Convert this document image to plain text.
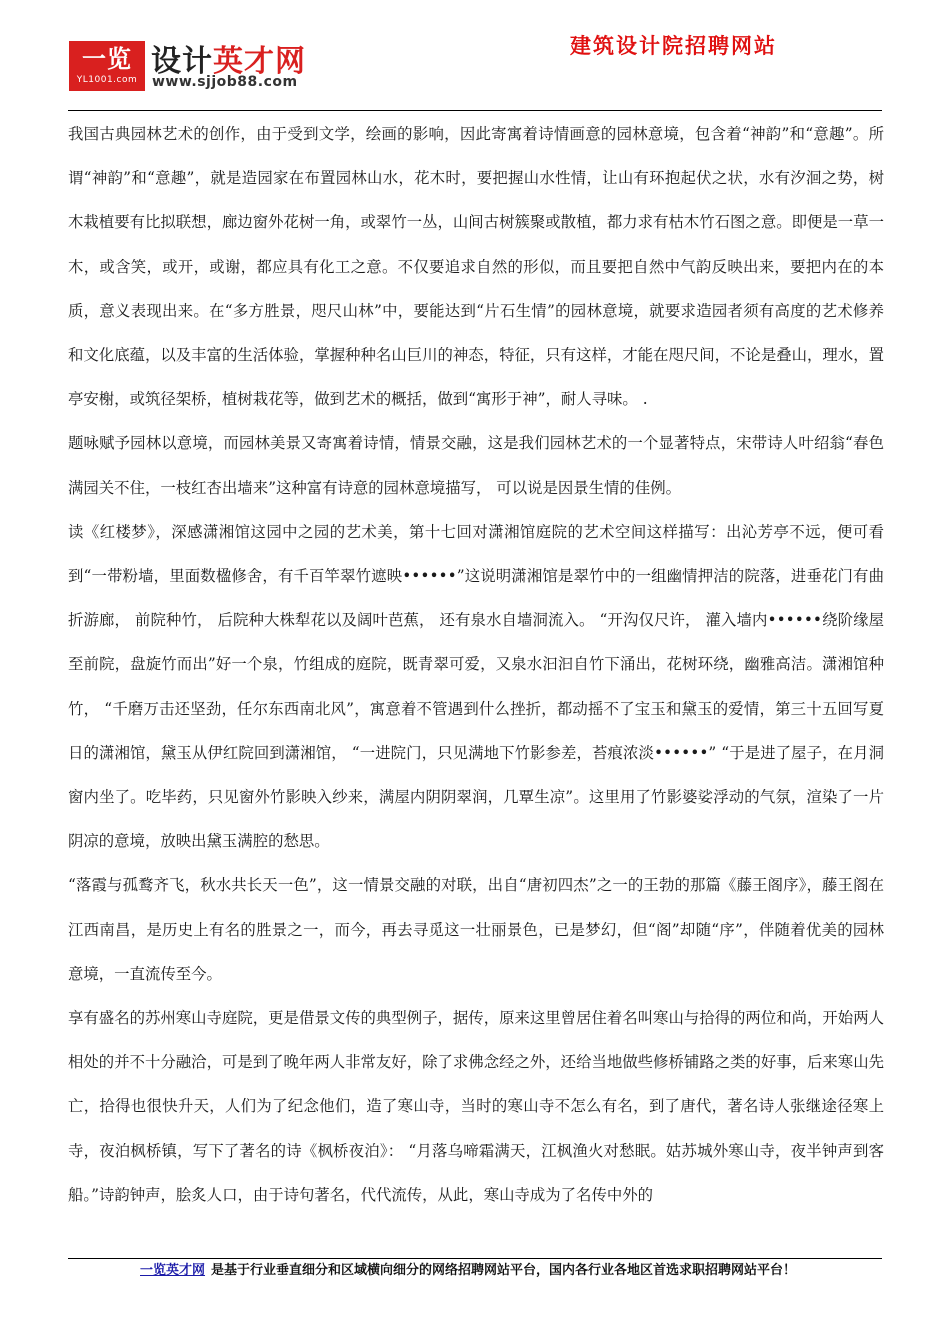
一览
YL1001.com
设计英才网
www.sjjob88.com
建筑设计院招聘网站

我国古典园林艺术的创作，由于受到文学，绘画的影响，因此寄寓着诗情画意的园林意境，包含着“神韵”和“意趣”。所谓“神韵”和“意趣”，就是造园家在布置园林山水，花木时，要把握山水性情，让山有环抱起伏之状，水有汐洄之势，树木栽植要有比拟联想，廊边窗外花树一角，或翠竹一丛，山间古树簇聚或散植，都力求有枯木竹石图之意。即便是一草一木，或含笑，或开，或谢，都应具有化工之意。不仅要追求自然的形似，而且要把自然中气韵反映出来，要把内在的本质，意义表现出来。在“多方胜景，咫尺山林”中，要能达到“片石生情”的园林意境，就要求造园者须有高度的艺术修养和文化底蕴，以及丰富的生活体验，掌握种种名山巨川的神态，特征，只有这样，才能在咫尺间，不论是叠山，理水，置亭安榭，或筑径架桥，植树栽花等，做到艺术的概括，做到“寓形于神”，耐人寻味。 .

题咏赋予园林以意境，而园林美景又寄寓着诗情，情景交融，这是我们园林艺术的一个显著特点，宋带诗人叶绍翁“春色满园关不住，一枝红杏出墙来”这种富有诗意的园林意境描写， 可以说是因景生情的佳例。

读《红楼梦》，深感潇湘馆这园中之园的艺术美，第十七回对潇湘馆庭院的艺术空间这样描写：出沁芳亭不远，便可看到“一带粉墙，里面数楹修舍，有千百竿翠竹遮映••••••”这说明潇湘馆是翠竹中的一组幽情押洁的院落，进垂花门有曲折游廊， 前院种竹， 后院种大株犁花以及阔叶芭蕉， 还有泉水自墙洞流入。 “开沟仅尺许， 灌入墙内••••••绕阶缘屋至前院，盘旋竹而出”好一个泉，竹组成的庭院，既青翠可爱，又泉水汩汩自竹下涌出，花树环绕，幽雅高洁。潇湘馆种竹， “千磨万击还坚劲，任尔东西南北风”，寓意着不管遇到什么挫折，都动摇不了宝玉和黛玉的爱情，第三十五回写夏日的潇湘馆，黛玉从伊红院回到潇湘馆， “一进院门，只见满地下竹影参差，苔痕浓淡••••••” “于是进了屋子，在月洞窗内坐了。吃毕药，只见窗外竹影映入纱来，满屋内阴阴翠润，几覃生凉”。这里用了竹影婆娑浮动的气氛，渲染了一片阴凉的意境，放映出黛玉满腔的愁思。

“落霞与孤鹜齐飞，秋水共长天一色”，这一情景交融的对联，出自“唐初四杰”之一的王勃的那篇《藤王阁序》，藤王阁在江西南昌，是历史上有名的胜景之一，而今，再去寻觅这一壮丽景色，已是梦幻，但“阁”却随“序”，伴随着优美的园林意境，一直流传至今。

享有盛名的苏州寒山寺庭院，更是借景文传的典型例子，据传，原来这里曾居住着名叫寒山与拾得的两位和尚，开始两人相处的并不十分融洽，可是到了晚年两人非常友好，除了求佛念经之外，还给当地做些修桥铺路之类的好事，后来寒山先亡，拾得也很快升天，人们为了纪念他们，造了寒山寺，当时的寒山寺不怎么有名，到了唐代，著名诗人张继途径寒上寺，夜泊枫桥镇，写下了著名的诗《枫桥夜泊》： “月落乌啼霜满天，江枫渔火对愁眠。姑苏城外寒山寺，夜半钟声到客船。”诗韵钟声，脍炙人口，由于诗句著名，代代流传，从此，寒山寺成为了名传中外的

一览英才网 是基于行业垂直细分和区域横向细分的网络招聘网站平台，国内各行业各地区首选求职招聘网站平台！
